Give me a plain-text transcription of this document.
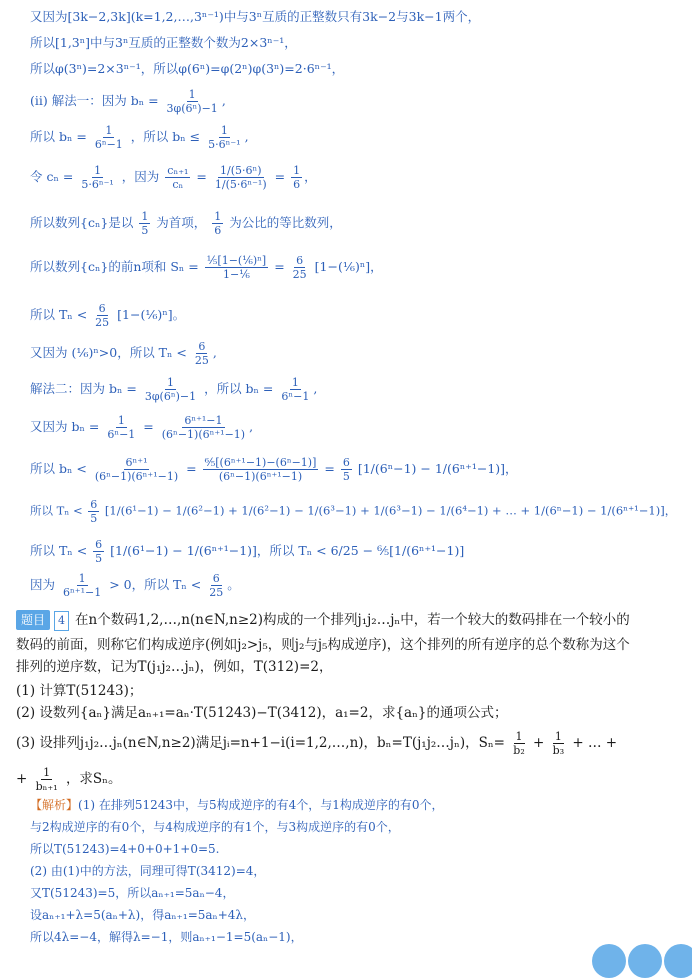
又因为[3k−2,3k](k=1,2,…,3ⁿ⁻¹)中与3ⁿ互质的正整数只有3k−2与3k−1两个，
所以[1,3ⁿ]中与3ⁿ互质的正整数个数为2×3ⁿ⁻¹，
所以φ(3ⁿ)=2×3ⁿ⁻¹，所以φ(6ⁿ)=φ(2ⁿ)φ(3ⁿ)=2·6ⁿ⁻¹，
(ii) 解法一：因为 $b_n = \frac{1}{\text{3φ(6ⁿ)−1}}$ ,
所以 $b_n = \frac{1}{\text{6ⁿ−1}}$ ，所以 $b_n \le \frac{1}{\text{5·6ⁿ⁻¹}}$ ,
令 $c_n = \frac{1}{\text{5·6ⁿ⁻¹}}$ ，因为 $\frac{\text{cₙ₊₁}}{\text{cₙ}} = \frac{\text{1/(5·6ⁿ)}}{\text{1/(5·6ⁿ⁻¹)}} = \frac{1}{6}$ ，
所以数列{cₙ}是以 $\frac{1}{5}$ 为首项， $\frac{1}{6}$ 为公比的等比数列，
所以数列{cₙ}的前n项和 $S_n = \frac{\text{⅕[1−(⅙)ⁿ]}}{\text{1−⅙}} = \frac{6}{25}$ [1−(⅙)ⁿ]，
所以 $T_n < \frac{6}{25}$ [1−(⅙)ⁿ]。
又因为 (⅙)ⁿ>0，所以 $T_n < \frac{6}{25}$ ,
解法二：因为 $b_n = \frac{1}{\text{3φ(6ⁿ)−1}}$ ，所以 $b_n = \frac{1}{\text{6ⁿ−1}}$ ,
又因为 $b_n = \frac{1}{\text{6ⁿ−1}} = \frac{\text{6ⁿ⁺¹−1}}{\text{(6ⁿ−1)(6ⁿ⁺¹−1)}}$ ,
所以 $b_n < \frac{\text{6ⁿ⁺¹}}{\text{(6ⁿ−1)(6ⁿ⁺¹−1)}} = \frac{\text{⁶⁄₅[(6ⁿ⁺¹−1)−(6ⁿ−1)]}}{\text{(6ⁿ−1)(6ⁿ⁺¹−1)}} = \frac{6}{5} [1/(6^n-1) - 1/(6^{n+1}-1)]$，
所以 $T_n < \frac{6}{5} [1/(6^1-1) - 1/(6^2-1) + 1/(6^2-1) - 1/(6^3-1) + 1/(6^3-1) - 1/(6^4-1)$ + … + 1/(6ⁿ−1) − 1/(6ⁿ⁺¹−1)]，
所以 $T_n < \frac{6}{5} [1/(6^1-1) - 1/(6^{n+1}-1)]$，所以 Tₙ < 6/25 − ⁶⁄₅[1/(6ⁿ⁺¹−1)]
因为 $\frac{1}{\text{6ⁿ⁺¹−1}} > 0$，所以 $T_n < \frac{6}{25}$ 。
题目 4 在n个数码1,2,…,n(n∈N,n≥2)构成的一个排列j₁j₂…jₙ中，若一个较大的数码排在一个较小的
数码的前面，则称它们构成逆序(例如j₂>j₅，则j₂与j₅构成逆序)，这个排列的所有逆序的总个数称为这个
排列的逆序数，记为T(j₁j₂…jₙ)，例如，T(312)=2，
(1) 计算T(51243)；
(2) 设数列{aₙ}满足aₙ₊₁=aₙ·T(51243)−T(3412)，a₁=2，求{aₙ}的通项公式；
(3) 设排列j₁j₂…jₙ(n∈N,n≥2)满足jᵢ=n+1−i(i=1,2,…,n)，bₙ=T(j₁j₂…jₙ)，$S_n= \frac{1}{\text{b₂}} + \frac{1}{\text{b₃}}$ + … +
+ $\frac{1}{\text{bₙ₊₁}}$ ，求Sₙ。
【解析】(1) 在排列51243中，与5构成逆序的有4个，与1构成逆序的有0个，
与2构成逆序的有0个，与4构成逆序的有1个，与3构成逆序的有0个，
所以T(51243)=4+0+0+1+0=5.
(2) 由(1)中的方法，同理可得T(3412)=4，
又T(51243)=5，所以aₙ₊₁=5aₙ−4，
设aₙ₊₁+λ=5(aₙ+λ)，得aₙ₊₁=5aₙ+4λ，
所以4λ=−4，解得λ=−1，则aₙ₊₁−1=5(aₙ−1)，
